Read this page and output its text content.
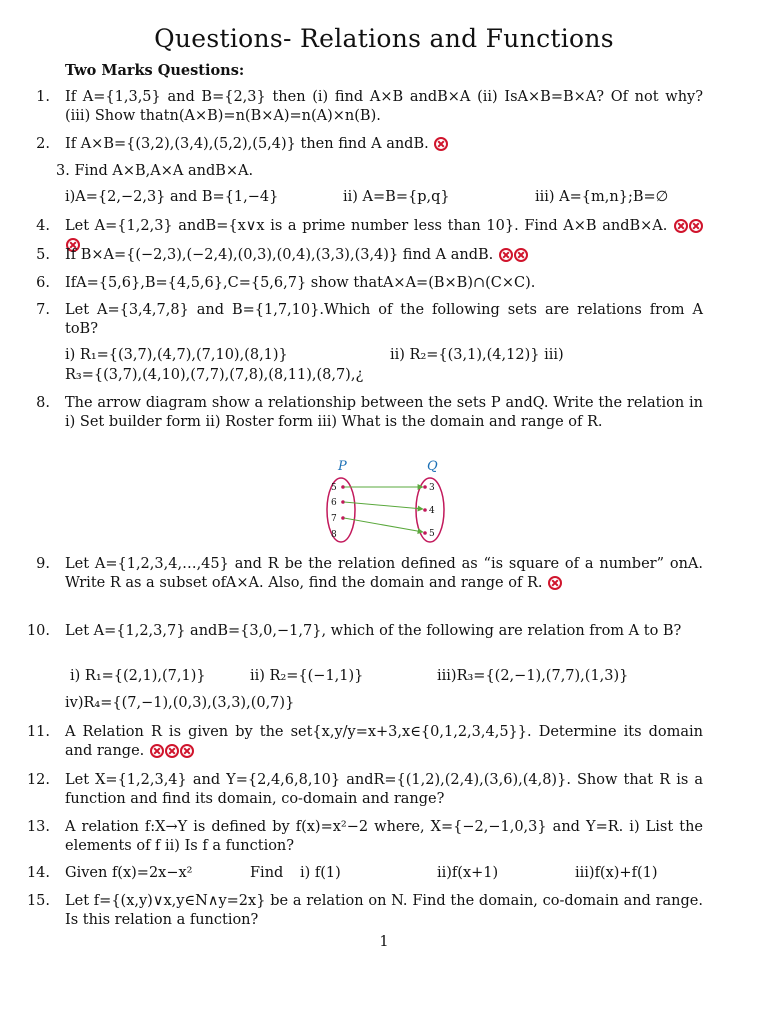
Questions- Relations and Functions
Two Marks Questions:
1. If A={1,3,5} and B={2,3} then (i) find A×B andB×A (ii) IsA×B=B×A? Of not why? (iii) Show thatn(A×B)=n(B×A)=n(A)×n(B).
2. If A×B={(3,2),(3,4),(5,2),(5,4)} then find A andB.
3. Find A×B,A×A andB×A.
i)A={2,−2,3} and B={1,−4}	ii) A=B={p,q}	iii) A={m,n};B=∅
4. Let A={1,2,3} andB={x∨x is a prime number less than 10}. Find A×B andB×A.
5. If B×A={(−2,3),(−2,4),(0,3),(0,4),(3,3),(3,4)} find A andB.
6. IfA={5,6},B={4,5,6},C={5,6,7} show thatA×A=(B×B)∩(C×C).
7. Let A={3,4,7,8} and B={1,7,10}.Which of the following sets are relations from A toB?
i) R₁={(3,7),(4,7),(7,10),(8,1)}	ii) R₂={(3,1),(4,12)} iii)
R₃={(3,7),(4,10),(7,7),(7,8),(8,11),(8,7),¿
8. The arrow diagram show a relationship between the sets P andQ. Write the relation in i) Set builder form ii) Roster form iii) What is the domain and range of R.
P	Q
5
6
7
8
3
4
5
9. Let A={1,2,3,4,…,45} and R be the relation defined as “is square of a number” onA. Write R as a subset ofA×A. Also, find the domain and range of R.
10. Let A={1,2,3,7} andB={3,0,−1,7}, which of the following are relation from A to B?
i) R₁={(2,1),(7,1)}	ii) R₂={(−1,1)}	iii)R₃={(2,−1),(7,7),(1,3)}
iv)R₄={(7,−1),(0,3),(3,3),(0,7)}
11. A Relation R is given by the set{x,y/y=x+3,x∈{0,1,2,3,4,5}}. Determine its domain and range.
12. Let X={1,2,3,4} and Y={2,4,6,8,10} andR={(1,2),(2,4),(3,6),(4,8)}. Show that R is a function and find its domain, co-domain and range?
13. A relation f:X→Y is defined by f(x)=x²−2 where, X={−2,−1,0,3} and Y=R. i) List the elements of f ii) Is f a function?
14. Given f(x)=2x−x²	Find i) f(1)	ii)f(x+1)	iii)f(x)+f(1)
15. Let f={(x,y)∨x,y∈N∧y=2x} be a relation on N. Find the domain, co-domain and range. Is this relation a function?
1
